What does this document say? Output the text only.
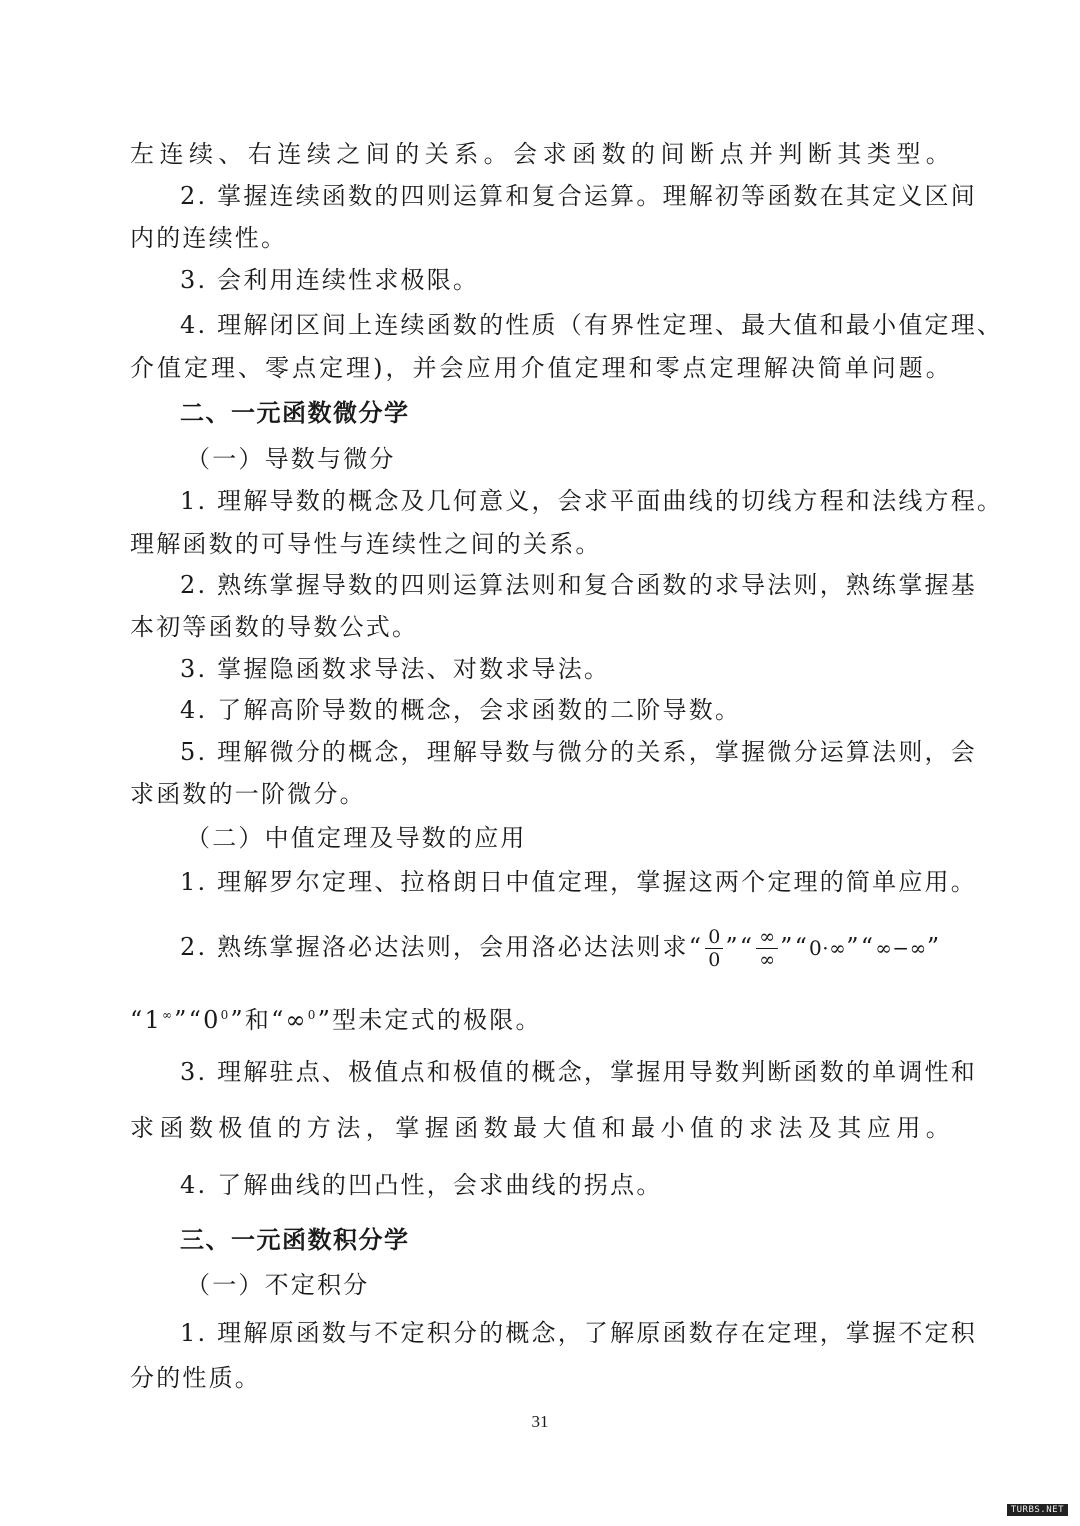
左连续、右连续之间的关系。会求函数的间断点并判断其类型。
2. 掌握连续函数的四则运算和复合运算。理解初等函数在其定义区间
内的连续性。
3. 会利用连续性求极限。
4. 理解闭区间上连续函数的性质（有界性定理、最大值和最小值定理、
介值定理、零点定理)，并会应用介值定理和零点定理解决简单问题。
二、一元函数微分学
（一）导数与微分
1. 理解导数的概念及几何意义，会求平面曲线的切线方程和法线方程。
理解函数的可导性与连续性之间的关系。
2. 熟练掌握导数的四则运算法则和复合函数的求导法则，熟练掌握基
本初等函数的导数公式。
3. 掌握隐函数求导法、对数求导法。
4. 了解高阶导数的概念，会求函数的二阶导数。
5. 理解微分的概念，理解导数与微分的关系，掌握微分运算法则，会
求函数的一阶微分。
（二）中值定理及导数的应用
1. 理解罗尔定理、拉格朗日中值定理，掌握这两个定理的简单应用。
2. 熟练掌握洛必达法则，会用洛必达法则求“ $\frac{0}{0}$ ”“ $\frac{\infty}{\infty}$ ”“0·∞”“∞−∞”
“$1^\infty”“0^0$”和“∞$^0$”型未定式的极限。
3. 理解驻点、极值点和极值的概念，掌握用导数判断函数的单调性和
求函数极值的方法，掌握函数最大值和最小值的求法及其应用。
4. 了解曲线的凹凸性，会求曲线的拐点。
三、一元函数积分学
（一）不定积分
1. 理解原函数与不定积分的概念，了解原函数存在定理，掌握不定积
分的性质。
31
TURBS.NET
